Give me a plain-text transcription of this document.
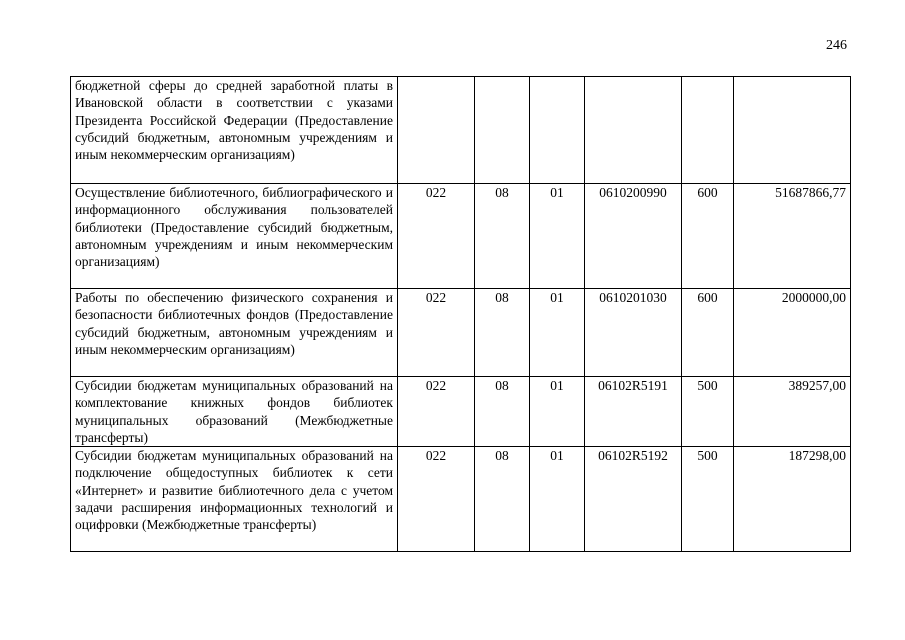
246
бюджетной сферы до средней заработной платы в Ивановской области в соответствии с указами Президента Российской Федерации (Предоставление субсидий бюджетным, автономным учреждениям и иным некоммерческим организациям)						
Осуществление библиотечного, библиографического и информационного обслуживания пользователей библиотеки (Предоставление субсидий бюджетным, автономным учреждениям и иным некоммерческим организациям)	022	08	01	0610200990	600	51687866,77
Работы по обеспечению физического сохранения и безопасности библиотечных фондов (Предоставление субсидий бюджетным, автономным учреждениям и иным некоммерческим организациям)	022	08	01	0610201030	600	2000000,00
Субсидии бюджетам муниципальных образований на комплектование книжных фондов библиотек муниципальных образований (Межбюджетные трансферты)	022	08	01	06102R5191	500	389257,00
Субсидии бюджетам муниципальных образований на подключение общедоступных библиотек к сети «Интернет» и развитие библиотечного дела с учетом задачи расширения информационных технологий и оцифровки (Межбюджетные трансферты)	022	08	01	06102R5192	500	187298,00
